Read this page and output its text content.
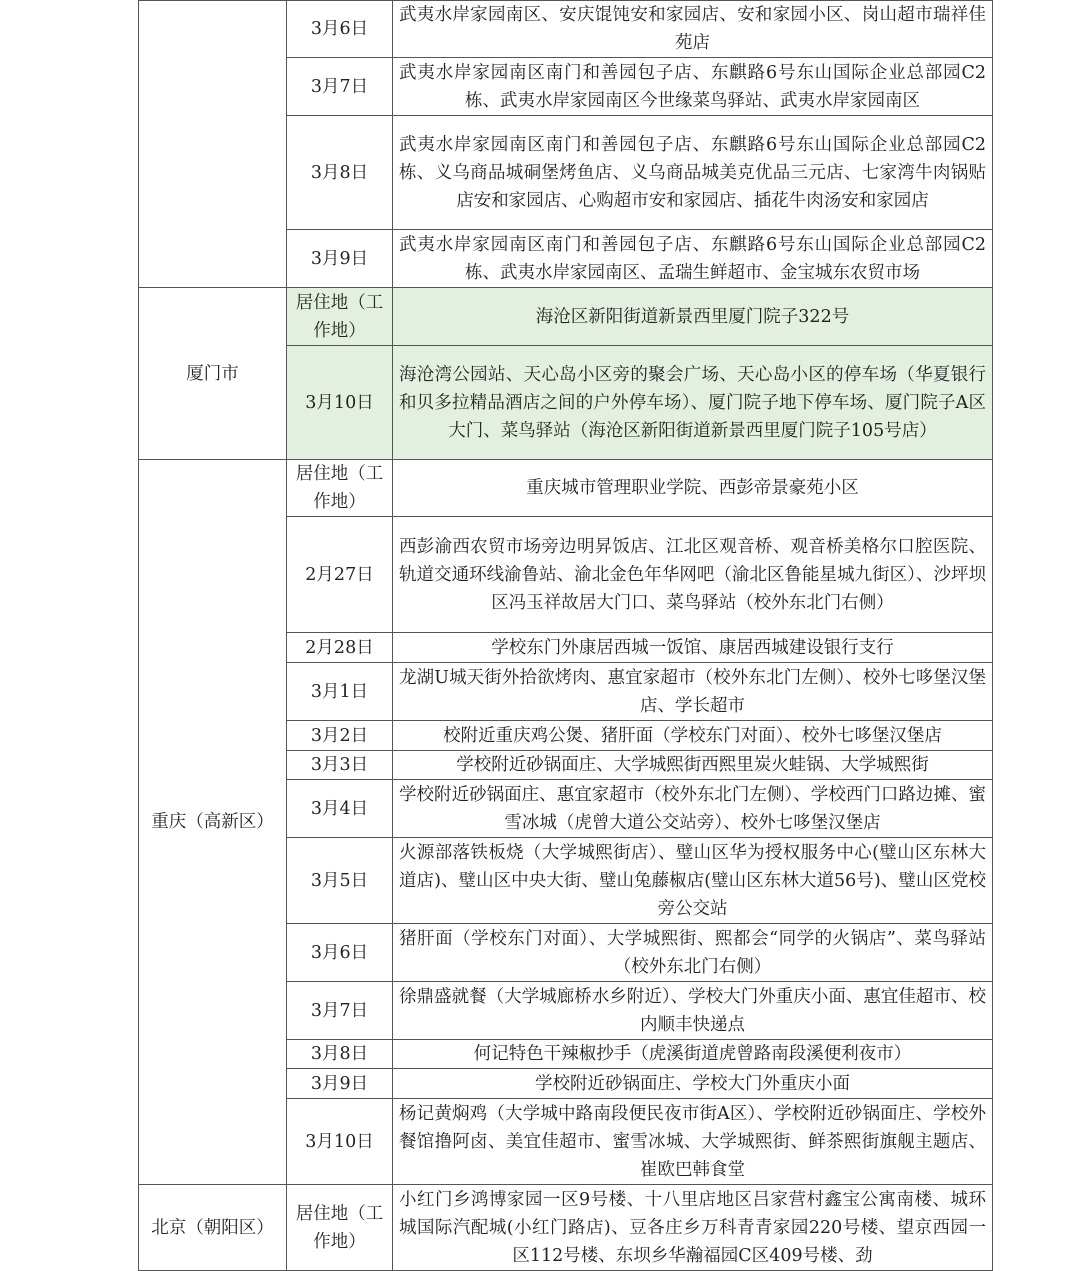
	3月6日	武夷水岸家园南区、安庆馄饨安和家园店、安和家园小区、岗山超市瑞祥佳苑店
	3月7日	武夷水岸家园南区南门和善园包子店、东麒路6号东山国际企业总部园C2栋、武夷水岸家园南区今世缘菜鸟驿站、武夷水岸家园南区
	3月8日	武夷水岸家园南区南门和善园包子店、东麒路6号东山国际企业总部园C2栋、义乌商品城硐堡烤鱼店、义乌商品城美克优品三元店、七家湾牛肉锅贴店安和家园店、心购超市安和家园店、插花牛肉汤安和家园店
	3月9日	武夷水岸家园南区南门和善园包子店、东麒路6号东山国际企业总部园C2栋、武夷水岸家园南区、孟瑞生鲜超市、金宝城东农贸市场
厦门市	居住地（工作地）	海沧区新阳街道新景西里厦门院子322号
	3月10日	海沧湾公园站、天心岛小区旁的聚会广场、天心岛小区的停车场（华夏银行和贝多拉精品酒店之间的户外停车场）、厦门院子地下停车场、厦门院子A区大门、菜鸟驿站（海沧区新阳街道新景西里厦门院子105号店）
重庆（高新区）	居住地（工作地）	重庆城市管理职业学院、西彭帝景豪苑小区
	2月27日	西彭渝西农贸市场旁边明昇饭店、江北区观音桥、观音桥美格尔口腔医院、轨道交通环线渝鲁站、渝北金色年华网吧（渝北区鲁能星城九街区）、沙坪坝区冯玉祥故居大门口、菜鸟驿站（校外东北门右侧）
	2月28日	学校东门外康居西城一饭馆、康居西城建设银行支行
	3月1日	龙湖U城天街外拾欲烤肉、惠宜家超市（校外东北门左侧）、校外七哆堡汉堡店、学长超市
	3月2日	校附近重庆鸡公煲、猪肝面（学校东门对面）、校外七哆堡汉堡店
	3月3日	学校附近砂锅面庄、大学城熙街西熙里炭火蛙锅、大学城熙街
	3月4日	学校附近砂锅面庄、惠宜家超市（校外东北门左侧）、学校西门口路边摊、蜜雪冰城（虎曾大道公交站旁）、校外七哆堡汉堡店
	3月5日	火源部落铁板烧（大学城熙街店）、璧山区华为授权服务中心(璧山区东林大道店)、璧山区中央大街、璧山兔藤椒店(璧山区东林大道56号)、璧山区党校旁公交站
	3月6日	猪肝面（学校东门对面）、大学城熙街、熙都会“同学的火锅店”、菜鸟驿站（校外东北门右侧）
	3月7日	徐鼎盛就餐（大学城廊桥水乡附近）、学校大门外重庆小面、惠宜佳超市、校内顺丰快递点
	3月8日	何记特色干辣椒抄手（虎溪街道虎曾路南段溪便利夜市）
	3月9日	学校附近砂锅面庄、学校大门外重庆小面
	3月10日	杨记黄焖鸡（大学城中路南段便民夜市街A区）、学校附近砂锅面庄、学校外餐馆撸阿卤、美宜佳超市、蜜雪冰城、大学城熙街、鲜茶熙街旗舰主题店、崔欧巴韩食堂
北京（朝阳区）	居住地（工作地）	小红门乡鸿博家园一区9号楼、十八里店地区吕家营村鑫宝公寓南楼、城环城国际汽配城(小红门路店)、豆各庄乡万科青青家园220号楼、望京西园一区112号楼、东坝乡华瀚福园C区409号楼、劲
